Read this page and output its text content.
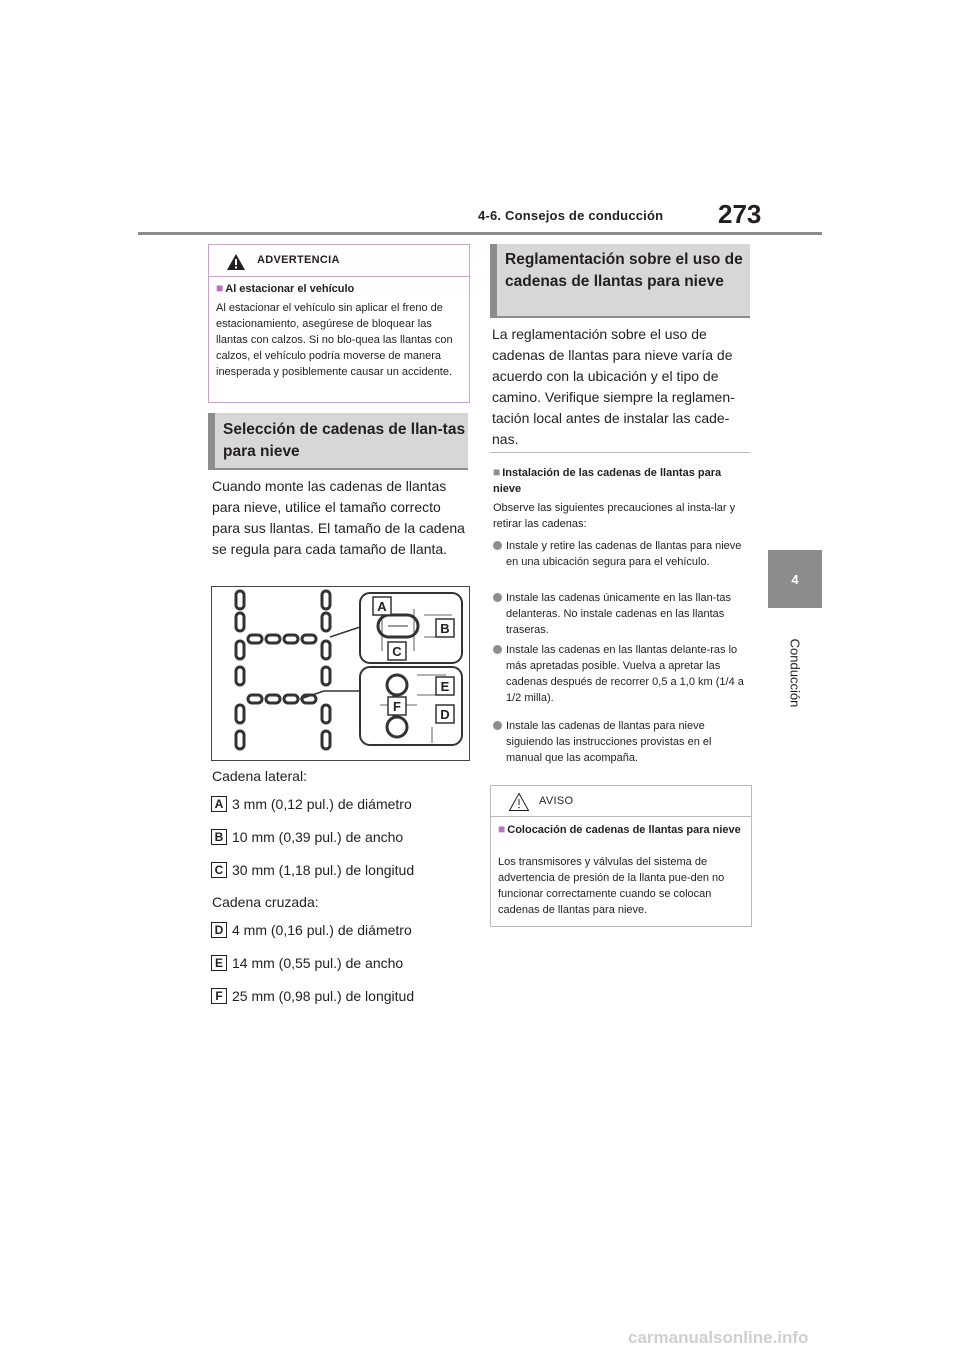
4-6. Consejos de conducción 273
4
Conducción
ADVERTENCIA
■ Al estacionar el vehículo
Al estacionar el vehículo sin aplicar el freno de estacionamiento, asegúrese de bloquear las llantas con calzos. Si no blo-quea las llantas con calzos, el vehículo podría moverse de manera inesperada y posiblemente causar un accidente.
Selección de cadenas de llan-tas para nieve
Cuando monte las cadenas de llantas para nieve, utilice el tamaño correcto para sus llantas. El tamaño de la cadena se regula para cada tamaño de llanta.
A
B
C
E
F
D
Cadena lateral:
A 3 mm (0,12 pul.) de diámetro
B 10 mm (0,39 pul.) de ancho
C 30 mm (1,18 pul.) de longitud
Cadena cruzada:
D 4 mm (0,16 pul.) de diámetro
E 14 mm (0,55 pul.) de ancho
F 25 mm (0,98 pul.) de longitud
Reglamentación sobre el uso de cadenas de llantas para nieve
La reglamentación sobre el uso de cadenas de llantas para nieve varía de acuerdo con la ubicación y el tipo de camino. Verifique siempre la reglamen-tación local antes de instalar las cade-nas.
■ Instalación de las cadenas de llantas para nieve
Observe las siguientes precauciones al insta-lar y retirar las cadenas:
Instale y retire las cadenas de llantas para nieve en una ubicación segura para el vehículo.
Instale las cadenas únicamente en las llan-tas delanteras. No instale cadenas en las llantas traseras.
Instale las cadenas en las llantas delante-ras lo más apretadas posible. Vuelva a apretar las cadenas después de recorrer 0,5 a 1,0 km (1/4 a 1/2 milla).
Instale las cadenas de llantas para nieve siguiendo las instrucciones provistas en el manual que las acompaña.
AVISO
■ Colocación de cadenas de llantas para nieve
Los transmisores y válvulas del sistema de advertencia de presión de la llanta pue-den no funcionar correctamente cuando se colocan cadenas de llantas para nieve.
carmanualsonline.info
